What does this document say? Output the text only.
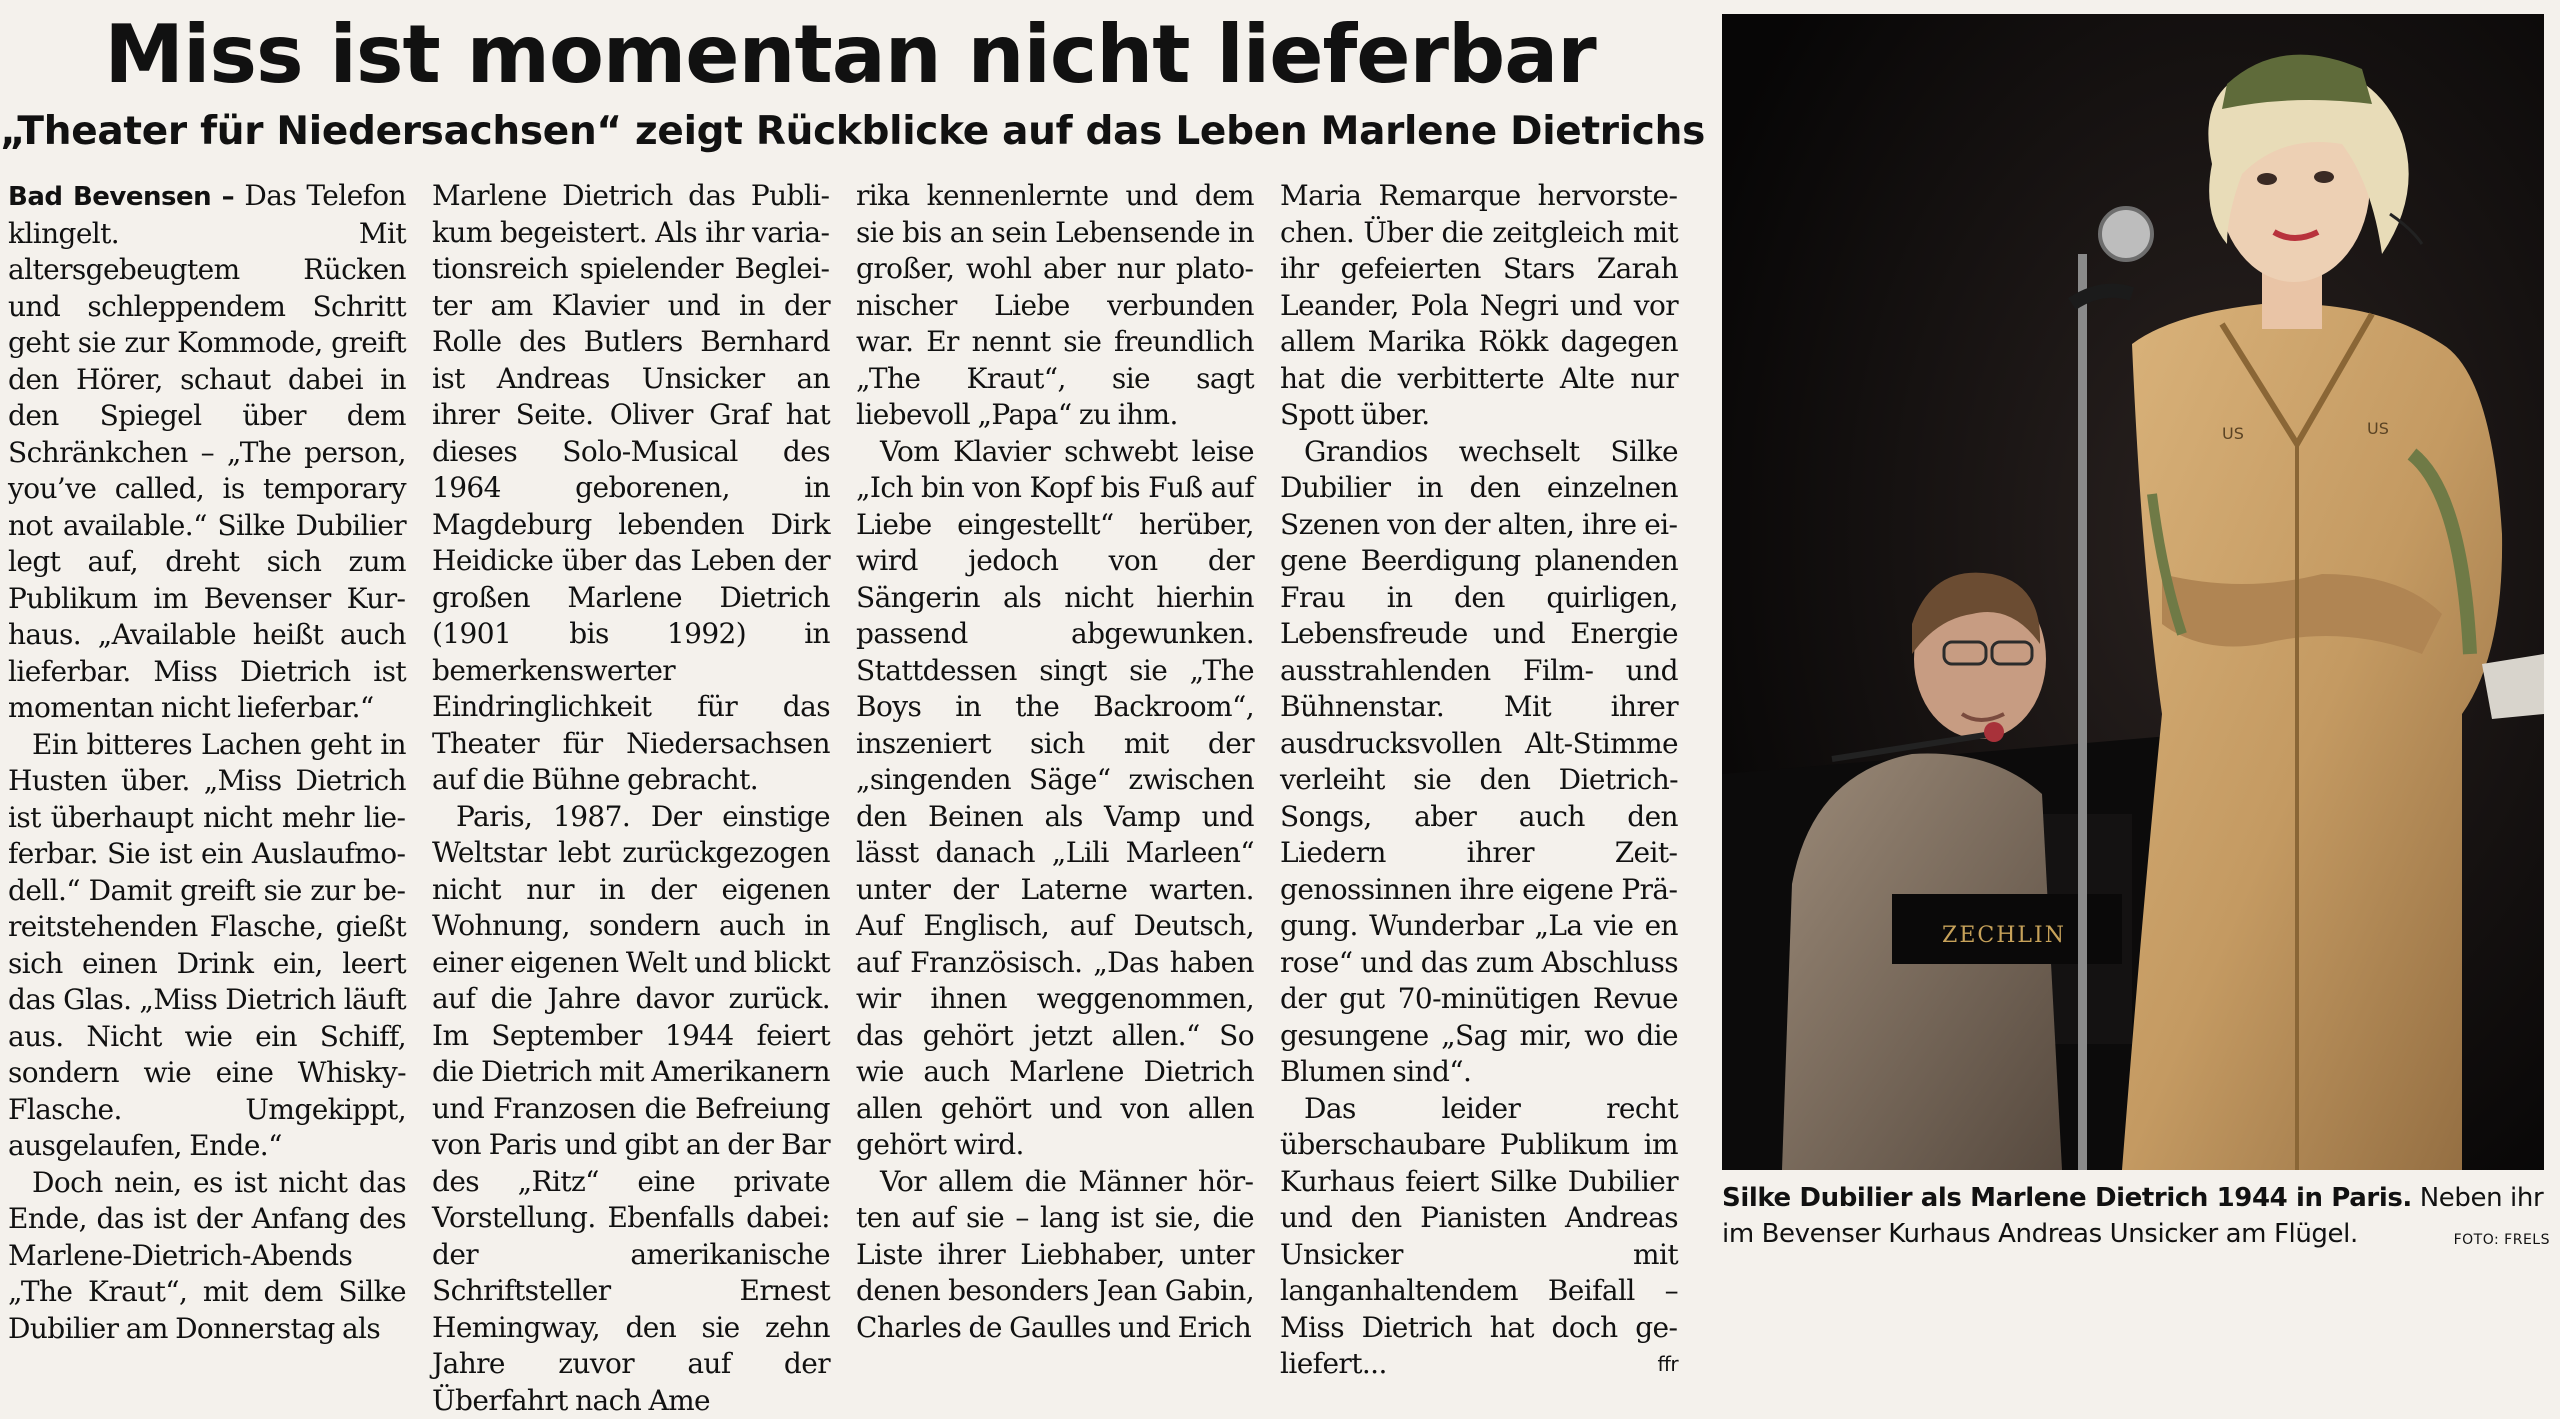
Miss ist momentan nicht lieferbar
„Theater für Niedersachsen“ zeigt Rückblicke auf das Leben Marlene Dietrichs

Bad Bevensen – Das Telefon klingelt. Mit altersgebeugtem Rücken und schleppendem Schritt geht sie zur Kommode, greift den Hörer, schaut dabei in den Spiegel über dem Schränkchen – „The person, you’ve called, is temporary not available.“ Silke Dubilier legt auf, dreht sich zum Publikum im Bevenser Kurhaus. „Available heißt auch lieferbar. Miss Dietrich ist momentan nicht lieferbar.“

Ein bitteres Lachen geht in Husten über. „Miss Dietrich ist überhaupt nicht mehr lieferbar. Sie ist ein Auslaufmodell.“ Damit greift sie zur bereitstehenden Flasche, gießt sich einen Drink ein, leert das Glas. „Miss Dietrich läuft aus. Nicht wie ein Schiff, sondern wie eine Whisky-Flasche. Umgekippt, ausgelaufen, Ende.“

Doch nein, es ist nicht das Ende, das ist der Anfang des Marlene-Dietrich-Abends „The Kraut“, mit dem Silke Dubilier am Donnerstag als

Marlene Dietrich das Publikum begeistert. Als ihr variationsreich spielender Begleiter am Klavier und in der Rolle des Butlers Bernhard ist Andreas Unsicker an ihrer Seite. Oliver Graf hat dieses Solo-Musical des 1964 geborenen, in Magdeburg lebenden Dirk Heidicke über das Leben der großen Marlene Dietrich (1901 bis 1992) in bemerkenswerter Eindringlichkeit für das Theater für Niedersachsen auf die Bühne gebracht.

Paris, 1987. Der einstige Weltstar lebt zurückgezogen nicht nur in der eigenen Wohnung, sondern auch in einer eigenen Welt und blickt auf die Jahre davor zurück. Im September 1944 feiert die Dietrich mit Amerikanern und Franzosen die Befreiung von Paris und gibt an der Bar des „Ritz“ eine private Vorstellung. Ebenfalls dabei: der amerikanische Schriftsteller Ernest Hemingway, den sie zehn Jahre zuvor auf der Überfahrt nach Ame

rika kennenlernte und dem sie bis an sein Lebensende in großer, wohl aber nur platonischer Liebe verbunden war. Er nennt sie freundlich „The Kraut“, sie sagt liebevoll „Papa“ zu ihm.

Vom Klavier schwebt leise „Ich bin von Kopf bis Fuß auf Liebe eingestellt“ herüber, wird jedoch von der Sängerin als nicht hierhin passend abgewunken. Stattdessen singt sie „The Boys in the Backroom“, inszeniert sich mit der „singenden Säge“ zwischen den Beinen als Vamp und lässt danach „Lili Marleen“ unter der Laterne warten. Auf Englisch, auf Deutsch, auf Französisch. „Das haben wir ihnen weggenommen, das gehört jetzt allen.“ So wie auch Marlene Dietrich allen gehört und von allen gehört wird.

Vor allem die Männer hörten auf sie – lang ist sie, die Liste ihrer Liebhaber, unter denen besonders Jean Gabin, Charles de Gaulles und Erich

Maria Remarque hervorstechen. Über die zeitgleich mit ihr gefeierten Stars Zarah Leander, Pola Negri und vor allem Marika Rökk dagegen hat die verbitterte Alte nur Spott über.

Grandios wechselt Silke Dubilier in den einzelnen Szenen von der alten, ihre eigene Beerdigung planenden Frau in den quirligen, Lebensfreude und Energie ausstrahlenden Film- und Bühnenstar. Mit ihrer ausdrucksvollen Alt-Stimme verleiht sie den Dietrich-Songs, aber auch den Liedern ihrer Zeitgenossinnen ihre eigene Prägung. Wunderbar „La vie en rose“ und das zum Abschluss der gut 70-minütigen Revue gesungene „Sag mir, wo die Blumen sind“.

Das leider recht überschaubare Publikum im Kurhaus feiert Silke Dubilier und den Pianisten Andreas Unsicker mit langanhaltendem Beifall – Miss Dietrich hat doch geliefert...	ffr

ZECHLIN
US	US
Silke Dubilier als Marlene Dietrich 1944 in Paris. Neben ihr im Bevenser Kurhaus Andreas Unsicker am Flügel.	FOTO: FRELS
